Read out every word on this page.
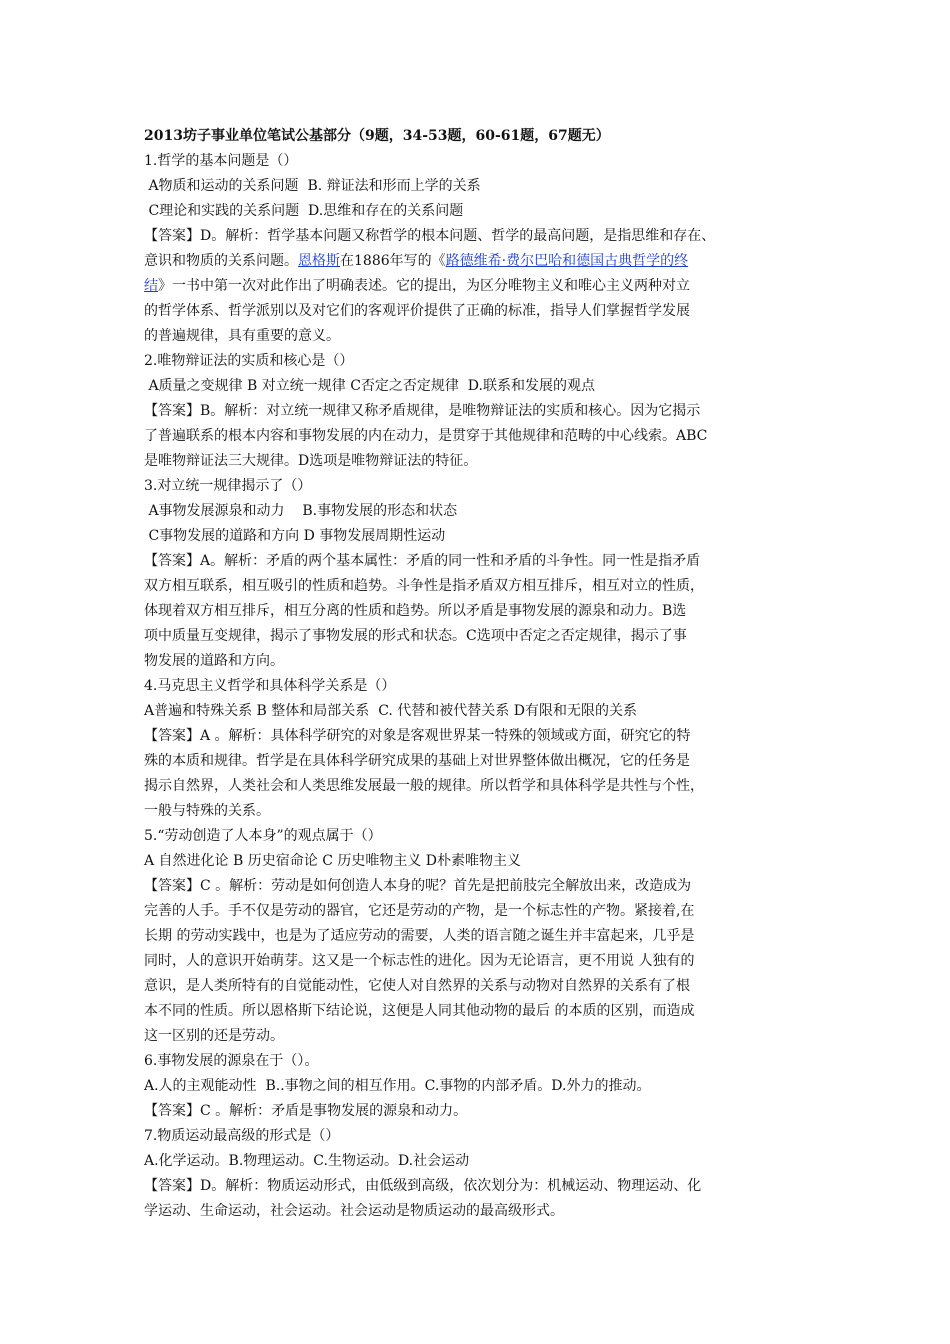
2013坊子事业单位笔试公基部分（9题，34-53题，60-61题，67题无）
1.哲学的基本问题是（）
A物质和运动的关系问题  B. 辩证法和形而上学的关系
C理论和实践的关系问题  D.思维和存在的关系问题
【答案】D。解析：哲学基本问题又称哲学的根本问题、哲学的最高问题，是指思维和存在、
意识和物质的关系问题。恩格斯在1886年写的《路德维希·费尔巴哈和德国古典哲学的终
结》一书中第一次对此作出了明确表述。它的提出，为区分唯物主义和唯心主义两种对立
的哲学体系、哲学派别以及对它们的客观评价提供了正确的标准，指导人们掌握哲学发展
的普遍规律，具有重要的意义。
2.唯物辩证法的实质和核心是（）
A质量之变规律 B 对立统一规律 C否定之否定规律  D.联系和发展的观点
【答案】B。解析：对立统一规律又称矛盾规律，是唯物辩证法的实质和核心。因为它揭示
了普遍联系的根本内容和事物发展的内在动力，是贯穿于其他规律和范畴的中心线索。ABC
是唯物辩证法三大规律。D选项是唯物辩证法的特征。
3.对立统一规律揭示了（）
A事物发展源泉和动力    B.事物发展的形态和状态
C事物发展的道路和方向 D 事物发展周期性运动
【答案】A。解析：矛盾的两个基本属性：矛盾的同一性和矛盾的斗争性。同一性是指矛盾
双方相互联系，相互吸引的性质和趋势。斗争性是指矛盾双方相互排斥，相互对立的性质，
体现着双方相互排斥，相互分离的性质和趋势。所以矛盾是事物发展的源泉和动力。B选
项中质量互变规律，揭示了事物发展的形式和状态。C选项中否定之否定规律，揭示了事
物发展的道路和方向。
4.马克思主义哲学和具体科学关系是（）
A普遍和特殊关系 B 整体和局部关系  C. 代替和被代替关系 D有限和无限的关系
【答案】A 。解析：具体科学研究的对象是客观世界某一特殊的领域或方面，研究它的特
殊的本质和规律。哲学是在具体科学研究成果的基础上对世界整体做出概况，它的任务是
揭示自然界，人类社会和人类思维发展最一般的规律。所以哲学和具体科学是共性与个性，
一般与特殊的关系。
5.“劳动创造了人本身”的观点属于（）
A 自然进化论 B 历史宿命论 C 历史唯物主义 D朴素唯物主义
【答案】C 。解析：劳动是如何创造人本身的呢？首先是把前肢完全解放出来，改造成为
完善的人手。手不仅是劳动的器官，它还是劳动的产物，是一个标志性的产物。紧接着,在
长期 的劳动实践中，也是为了适应劳动的需要，人类的语言随之诞生并丰富起来，几乎是
同时，人的意识开始萌芽。这又是一个标志性的进化。因为无论语言，更不用说 人独有的
意识，是人类所特有的自觉能动性，它使人对自然界的关系与动物对自然界的关系有了根
本不同的性质。所以恩格斯下结论说，这便是人同其他动物的最后 的本质的区别，而造成
这一区别的还是劳动。
6.事物发展的源泉在于（）。
A.人的主观能动性  B..事物之间的相互作用。C.事物的内部矛盾。D.外力的推动。
【答案】C 。解析：矛盾是事物发展的源泉和动力。
7.物质运动最高级的形式是（）
A.化学运动。B.物理运动。C.生物运动。D.社会运动
【答案】D。解析：物质运动形式，由低级到高级，依次划分为：机械运动、物理运动、化
学运动、生命运动，社会运动。社会运动是物质运动的最高级形式。
